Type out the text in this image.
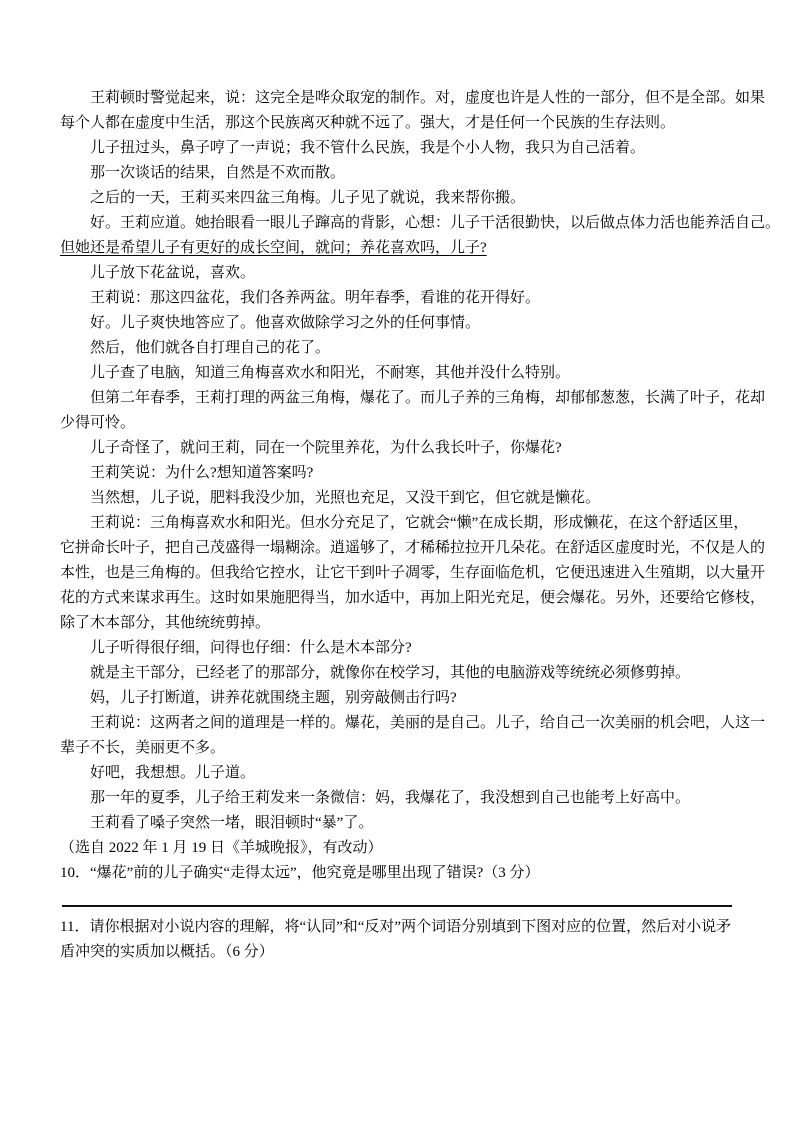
王莉顿时警觉起来，说：这完全是哗众取宠的制作。对，虚度也许是人性的一部分，但不是全部。如果
每个人都在虚度中生活，那这个民族离灭种就不远了。强大，才是任何一个民族的生存法则。
儿子扭过头，鼻子哼了一声说；我不管什么民族，我是个小人物，我只为自己活着。
那一次谈话的结果，自然是不欢而散。
之后的一天，王莉买来四盆三角梅。儿子见了就说，我来帮你搬。
好。王莉应道。她抬眼看一眼儿子蹿高的背影，心想：儿子干活很勤快，以后做点体力活也能养活自己。
但她还是希望儿子有更好的成长空间，就问；养花喜欢吗，儿子?
儿子放下花盆说，喜欢。
王莉说：那这四盆花，我们各养两盆。明年春季，看谁的花开得好。
好。儿子爽快地答应了。他喜欢做除学习之外的任何事情。
然后，他们就各自打理自己的花了。
儿子查了电脑，知道三角梅喜欢水和阳光，不耐寒，其他并没什么特别。
但第二年春季，王莉打理的两盆三角梅，爆花了。而儿子养的三角梅，却郁郁葱葱，长满了叶子，花却
少得可怜。
儿子奇怪了，就问王莉，同在一个院里养花，为什么我长叶子，你爆花?
王莉笑说：为什么?想知道答案吗?
当然想，儿子说，肥料我没少加，光照也充足，又没干到它，但它就是懒花。
王莉说：三角梅喜欢水和阳光。但水分充足了，它就会“懒”在成长期，形成懒花，在这个舒适区里，
它拼命长叶子，把自己茂盛得一塌糊涂。逍遥够了，才稀稀拉拉开几朵花。在舒适区虚度时光，不仅是人的
本性，也是三角梅的。但我给它控水，让它干到叶子凋零，生存面临危机，它便迅速进入生殖期，以大量开
花的方式来谋求再生。这时如果施肥得当，加水适中，再加上阳光充足，便会爆花。另外，还要给它修枝，
除了木本部分，其他统统剪掉。
儿子听得很仔细，问得也仔细：什么是木本部分?
就是主干部分，已经老了的那部分，就像你在校学习，其他的电脑游戏等统统必须修剪掉。
妈，儿子打断道，讲养花就围绕主题，别旁敲侧击行吗?
王莉说：这两者之间的道理是一样的。爆花，美丽的是自己。儿子，给自己一次美丽的机会吧，人这一
辈子不长，美丽更不多。
好吧，我想想。儿子道。
那一年的夏季，儿子给王莉发来一条微信：妈，我爆花了，我没想到自己也能考上好高中。
王莉看了嗓子突然一堵，眼泪顿时“暴”了。
（选自 2022 年 1 月 19 日《羊城晚报》，有改动）
10．“爆花”前的儿子确实“走得太远”，他究竟是哪里出现了错误?（3 分）
11．请你根据对小说内容的理解，将“认同”和“反对”两个词语分别填到下图对应的位置，然后对小说矛
盾冲突的实质加以概括。（6 分）
